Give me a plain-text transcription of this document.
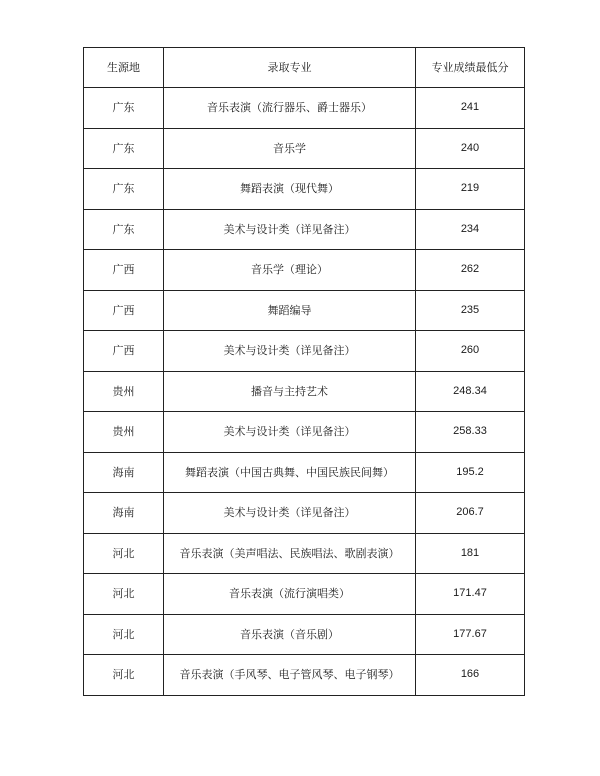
生源地	录取专业	专业成绩最低分
广东	音乐表演（流行器乐、爵士器乐）	241
广东	音乐学	240
广东	舞蹈表演（现代舞）	219
广东	美术与设计类（详见备注）	234
广西	音乐学（理论）	262
广西	舞蹈编导	235
广西	美术与设计类（详见备注）	260
贵州	播音与主持艺术	248.34
贵州	美术与设计类（详见备注）	258.33
海南	舞蹈表演（中国古典舞、中国民族民间舞）	195.2
海南	美术与设计类（详见备注）	206.7
河北	音乐表演（美声唱法、民族唱法、歌剧表演）	181
河北	音乐表演（流行演唱类）	171.47
河北	音乐表演（音乐剧）	177.67
河北	音乐表演（手风琴、电子管风琴、电子钢琴）	166
